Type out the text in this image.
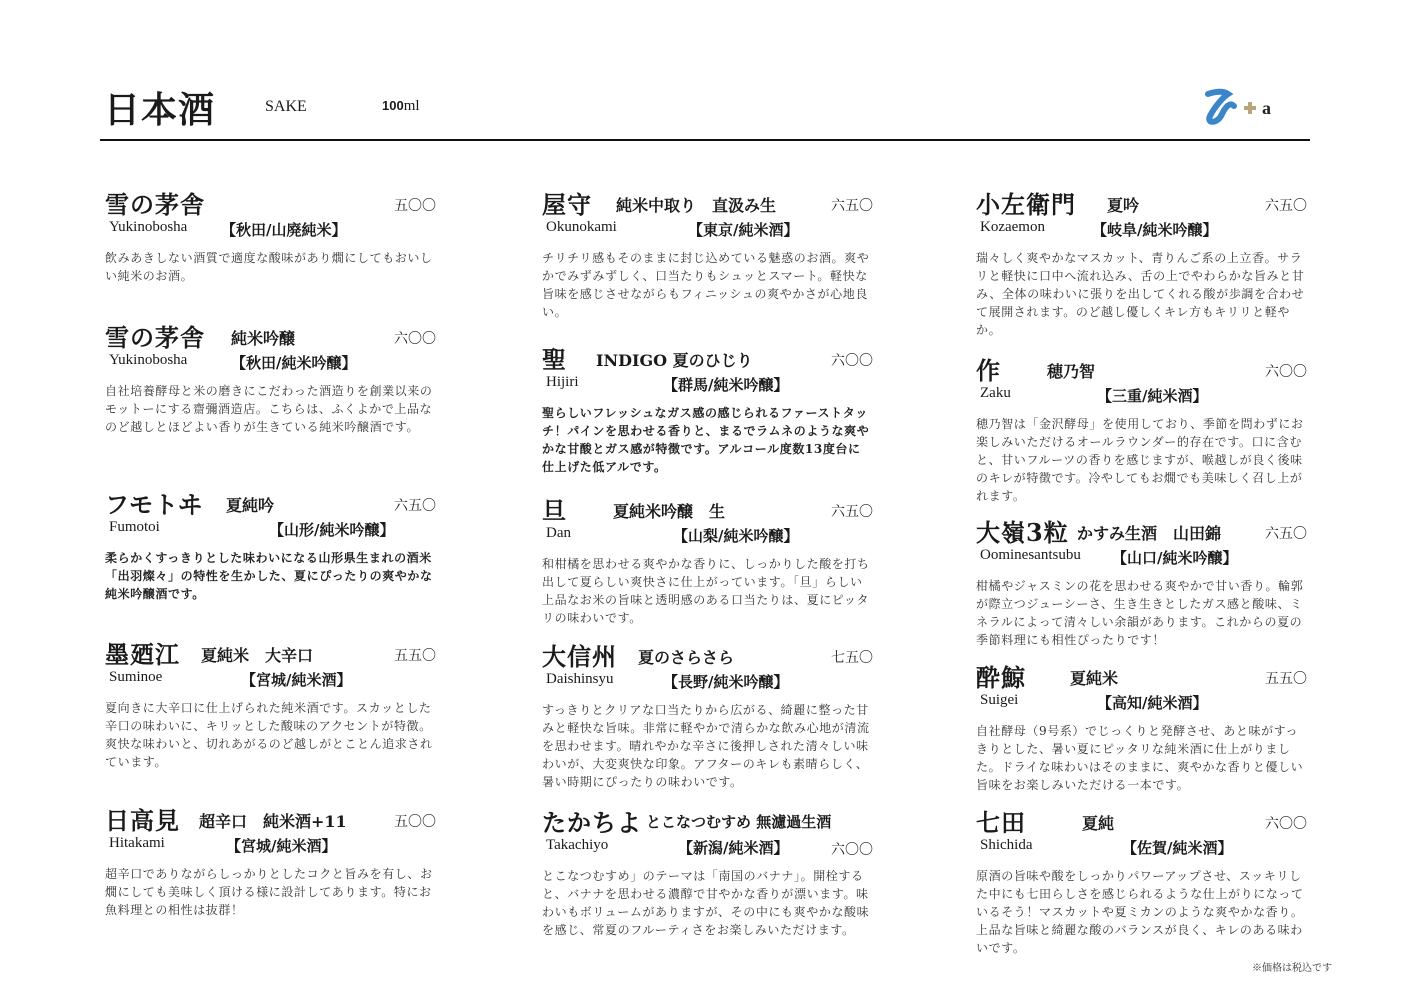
日本酒	SAKE	100ml	a
雪の茅舎	五〇〇
Yukinobosha 【秋田/山廃純米】
飲みあきしない酒質で適度な酸味があり燗にしてもおいしい純米のお酒。
雪の茅舎 純米吟醸	六〇〇
Yukinobosha	【秋田/純米吟醸】
自社培養酵母と米の磨きにこだわった酒造りを創業以来のモットーにする齋彌酒造店。こちらは、ふくよかで上品なのど越しとほどよい香りが生きている純米吟醸酒です。
フモトヰ 夏純吟	六五〇
Fumotoi	【山形/純米吟醸】
柔らかくすっきりとした味わいになる山形県生まれの酒米「出羽燦々」の特性を生かした、夏にぴったりの爽やかな純米吟醸酒です。
墨廼江 夏純米　大辛口	五五〇
Suminoe	【宮城/純米酒】
夏向きに大辛口に仕上げられた純米酒です。スカッとした辛口の味わいに、キリッとした酸味のアクセントが特徴。爽快な味わいと、切れあがるのど越しがとことん追求されています。
日高見 超辛口　純米酒+11	五〇〇
Hitakami	【宮城/純米酒】
超辛口でありながらしっかりとしたコクと旨みを有し、お燗にしても美味しく頂ける様に設計してあります。特にお魚料理との相性は抜群！
屋守 純米中取り　直汲み生	六五〇
Okunokami	【東京/純米酒】
チリチリ感もそのままに封じ込めている魅惑のお酒。爽やかでみずみずしく、口当たりもシュッとスマート。軽快な旨味を感じさせながらもフィニッシュの爽やかさが心地良い。
聖 INDIGO 夏のひじり	六〇〇
Hijiri	【群馬/純米吟醸】
聖らしいフレッシュなガス感の感じられるファーストタッチ！パインを思わせる香りと、まるでラムネのような爽やかな甘酸とガス感が特徴です。アルコール度数13度台に仕上げた低アルです。
旦	夏純米吟醸　生	六五〇
Dan	【山梨/純米吟醸】
和柑橘を思わせる爽やかな香りに、しっかりした酸を打ち出して夏らしい爽快さに仕上がっています。「旦」らしい上品なお米の旨味と透明感のある口当たりは、夏にピッタリの味わいです。
大信州 夏のさらさら	七五〇
Daishinsyu	【長野/純米吟醸】
すっきりとクリアな口当たりから広がる、綺麗に整った甘みと軽快な旨味。非常に軽やかで清らかな飲み心地が清流を思わせます。晴れやかな辛さに後押しされた清々しい味わいが、大変爽快な印象。アフターのキレも素晴らしく、暑い時期にぴったりの味わいです。
たかちよ とこなつむすめ 無濾過生酒
Takachiyo	【新潟/純米酒】	六〇〇
とこなつむすめ」のテーマは「南国のバナナ」。開栓すると、バナナを思わせる濃醇で甘やかな香りが漂います。味わいもボリュームがありますが、その中にも爽やかな酸味を感じ、常夏のフルーティさをお楽しみいただけます。
小左衛門 夏吟	六五〇
Kozaemon	【岐阜/純米吟醸】
瑞々しく爽やかなマスカット、青りんご系の上立香。サラリと軽快に口中へ流れ込み、舌の上でやわらかな旨みと甘み、全体の味わいに張りを出してくれる酸が歩調を合わせて展開されます。のど越し優しくキレ方もキリリと軽やか。
作	穂乃智	六〇〇
Zaku	【三重/純米酒】
穂乃智は「金沢酵母」を使用しており、季節を問わずにお楽しみいただけるオールラウンダー的存在です。口に含むと、甘いフルーツの香りを感じますが、喉越しが良く後味のキレが特徴です。冷やしてもお燗でも美味しく召し上がれます。
大嶺3粒 かすみ生酒　山田錦	六五〇
Oominesantsubu 【山口/純米吟醸】
柑橘やジャスミンの花を思わせる爽やかで甘い香り。輪郭が際立つジューシーさ、生き生きとしたガス感と酸味、ミネラルによって清々しい余韻があります。これからの夏の季節料理にも相性ぴったりです！
酔鯨	夏純米	五五〇
Suigei	【高知/純米酒】
自社酵母（9号系）でじっくりと発酵させ、あと味がすっきりとした、暑い夏にピッタリな純米酒に仕上がりました。ドライな味わいはそのままに、爽やかな香りと優しい旨味をお楽しみいただける一本です。
七田	夏純	六〇〇
Shichida	【佐賀/純米酒】
原酒の旨味や酸をしっかりパワーアップさせ、スッキリした中にも七田らしさを感じられるような仕上がりになっているそう！マスカットや夏ミカンのような爽やかな香り。上品な旨味と綺麗な酸のバランスが良く、キレのある味わいです。
※価格は税込です
